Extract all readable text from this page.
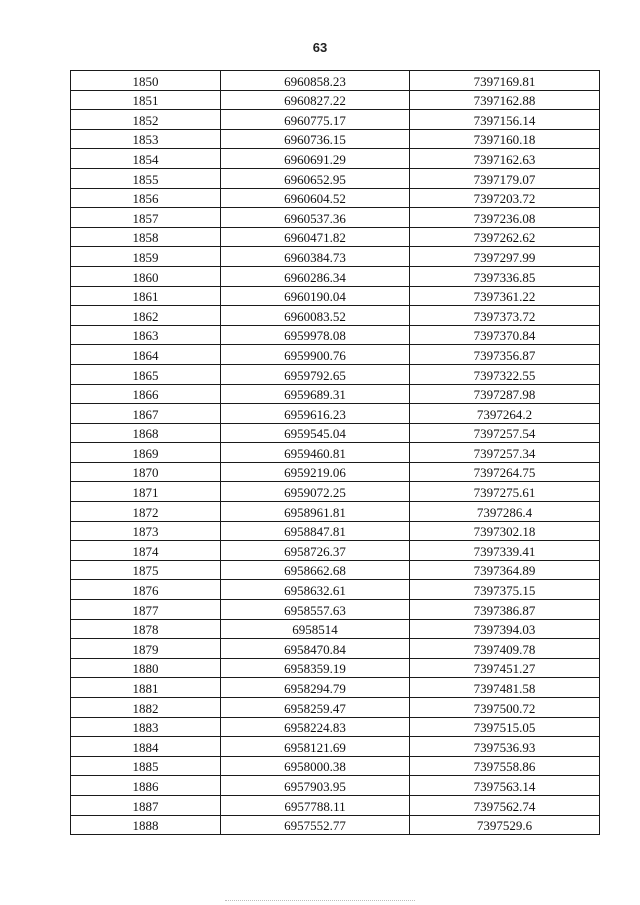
63
1850	6960858.23	7397169.81
1851	6960827.22	7397162.88
1852	6960775.17	7397156.14
1853	6960736.15	7397160.18
1854	6960691.29	7397162.63
1855	6960652.95	7397179.07
1856	6960604.52	7397203.72
1857	6960537.36	7397236.08
1858	6960471.82	7397262.62
1859	6960384.73	7397297.99
1860	6960286.34	7397336.85
1861	6960190.04	7397361.22
1862	6960083.52	7397373.72
1863	6959978.08	7397370.84
1864	6959900.76	7397356.87
1865	6959792.65	7397322.55
1866	6959689.31	7397287.98
1867	6959616.23	7397264.2
1868	6959545.04	7397257.54
1869	6959460.81	7397257.34
1870	6959219.06	7397264.75
1871	6959072.25	7397275.61
1872	6958961.81	7397286.4
1873	6958847.81	7397302.18
1874	6958726.37	7397339.41
1875	6958662.68	7397364.89
1876	6958632.61	7397375.15
1877	6958557.63	7397386.87
1878	6958514	7397394.03
1879	6958470.84	7397409.78
1880	6958359.19	7397451.27
1881	6958294.79	7397481.58
1882	6958259.47	7397500.72
1883	6958224.83	7397515.05
1884	6958121.69	7397536.93
1885	6958000.38	7397558.86
1886	6957903.95	7397563.14
1887	6957788.11	7397562.74
1888	6957552.77	7397529.6
